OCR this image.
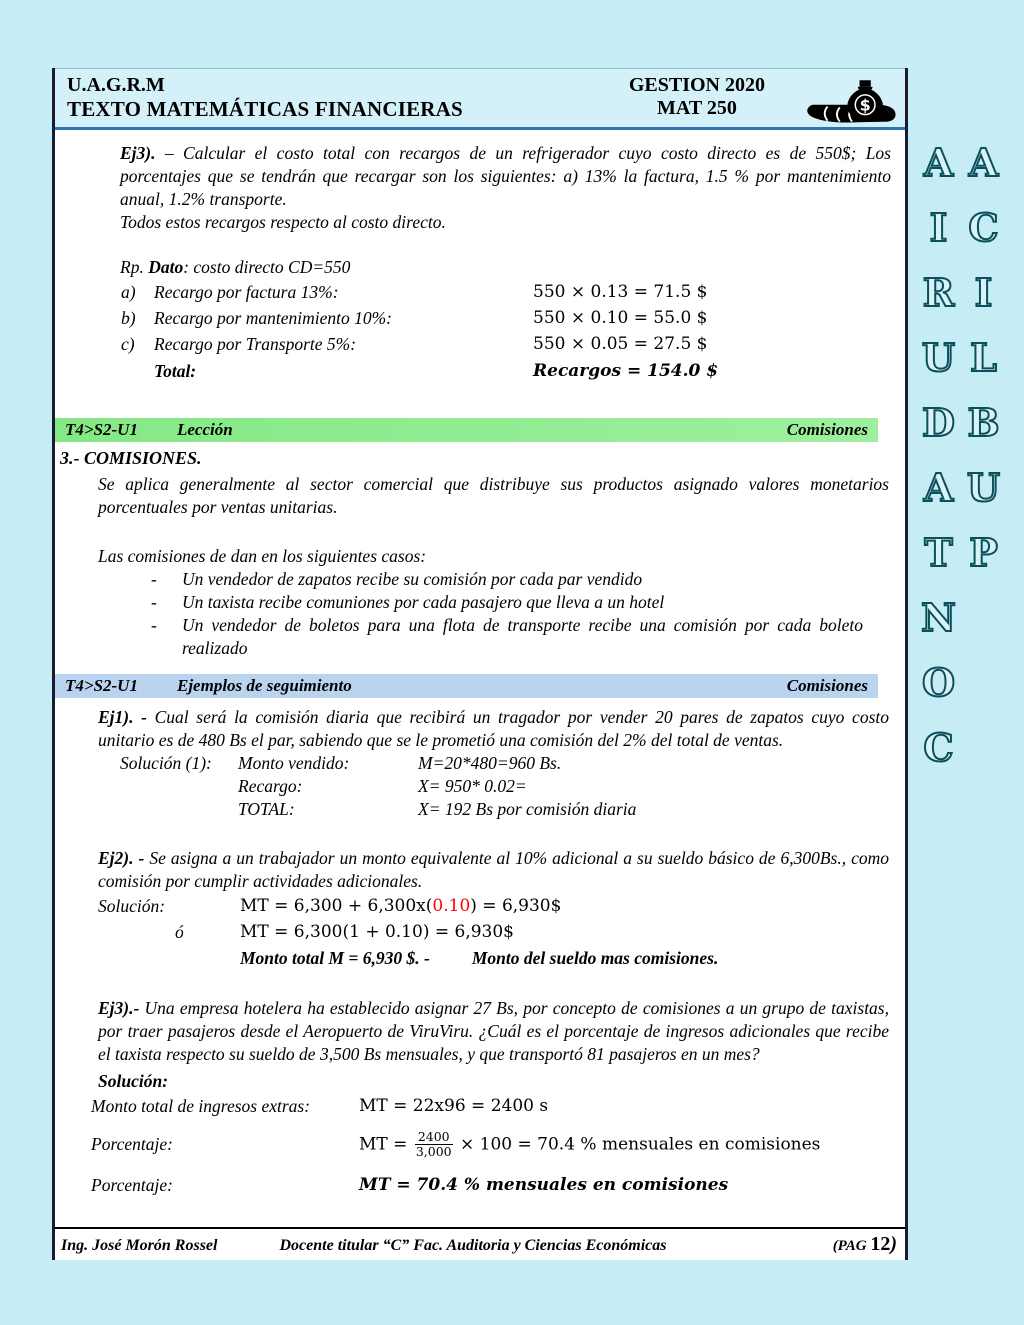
U.A.G.R.M
TEXTO MATEMÁTICAS FINANCIERAS
GESTION 2020
MAT 250	$

Ej3). – Calcular el costo total con recargos de un refrigerador cuyo costo directo es de 550$; Los porcentajes que se tendrán que recargar son los siguientes: a) 13% la factura, 1.5 % por mantenimiento anual, 1.2% transporte.

Todos estos recargos respecto al costo directo.

Rp. Dato: costo directo CD=550

a)	Recargo por factura 13%:	550 × 0.13 = 71.5 $
b)	Recargo por mantenimiento 10%:	550 × 0.10 = 55.0 $
c)	Recargo por Transporte 5%:	550 × 0.05 = 27.5 $
Total:	Recargos = 154.0 $
T4>S2-U1	Lección	Comisiones
3.- COMISIONES.

Se aplica generalmente al sector comercial que distribuye sus productos asignado valores monetarios porcentuales por ventas unitarias.

Las comisiones de dan en los siguientes casos:

-	Un vendedor de zapatos recibe su comisión por cada par vendido
-	Un taxista recibe comuniones por cada pasajero que lleva a un hotel
-	Un vendedor de boletos para una flota de transporte recibe una comisión por cada boleto realizado
T4>S2-U1	Ejemplos de seguimiento	Comisiones

Ej1). - Cual será la comisión diaria que recibirá un tragador por vender 20 pares de zapatos cuyo costo unitario es de 480 Bs el par, sabiendo que se le prometió una comisión del 2% del total de ventas.

Solución (1):	Monto vendido:	M=20*480=960 Bs.
Recargo:	X= 950* 0.02=
TOTAL:	X= 192 Bs por comisión diaria

Ej2). - Se asigna a un trabajador un monto equivalente al 10% adicional a su sueldo básico de 6,300Bs., como comisión por cumplir actividades adicionales.

Solución:	MT = 6,300 + 6,300x(0.10) = 6,930$
ó	MT = 6,300(1 + 0.10) = 6,930$
Monto total M = 6,930 $. - Monto del sueldo mas comisiones.

Ej3).- Una empresa hotelera ha establecido asignar 27 Bs, por concepto de comisiones a un grupo de taxistas, por traer pasajeros desde el Aeropuerto de ViruViru. ¿Cuál es el porcentaje de ingresos adicionales que recibe el taxista respecto su sueldo de 3,500 Bs mensuales, y que transportó 81 pasajeros en un mes?

Solución:
Monto total de ingresos extras:	MT = 22x96 = 2400 s
Porcentaje:	MT = $\frac{2400}{3,000} \times 100 = 70.4$ % mensuales en comisiones
Porcentaje:	MT = 70.4 % mensuales en comisiones
Ing. José Morón Rossel	Docente titular “C” Fac. Auditoria y Ciencias Económicas	(PAG 12)
ACILBUP AIRUDATNOC
